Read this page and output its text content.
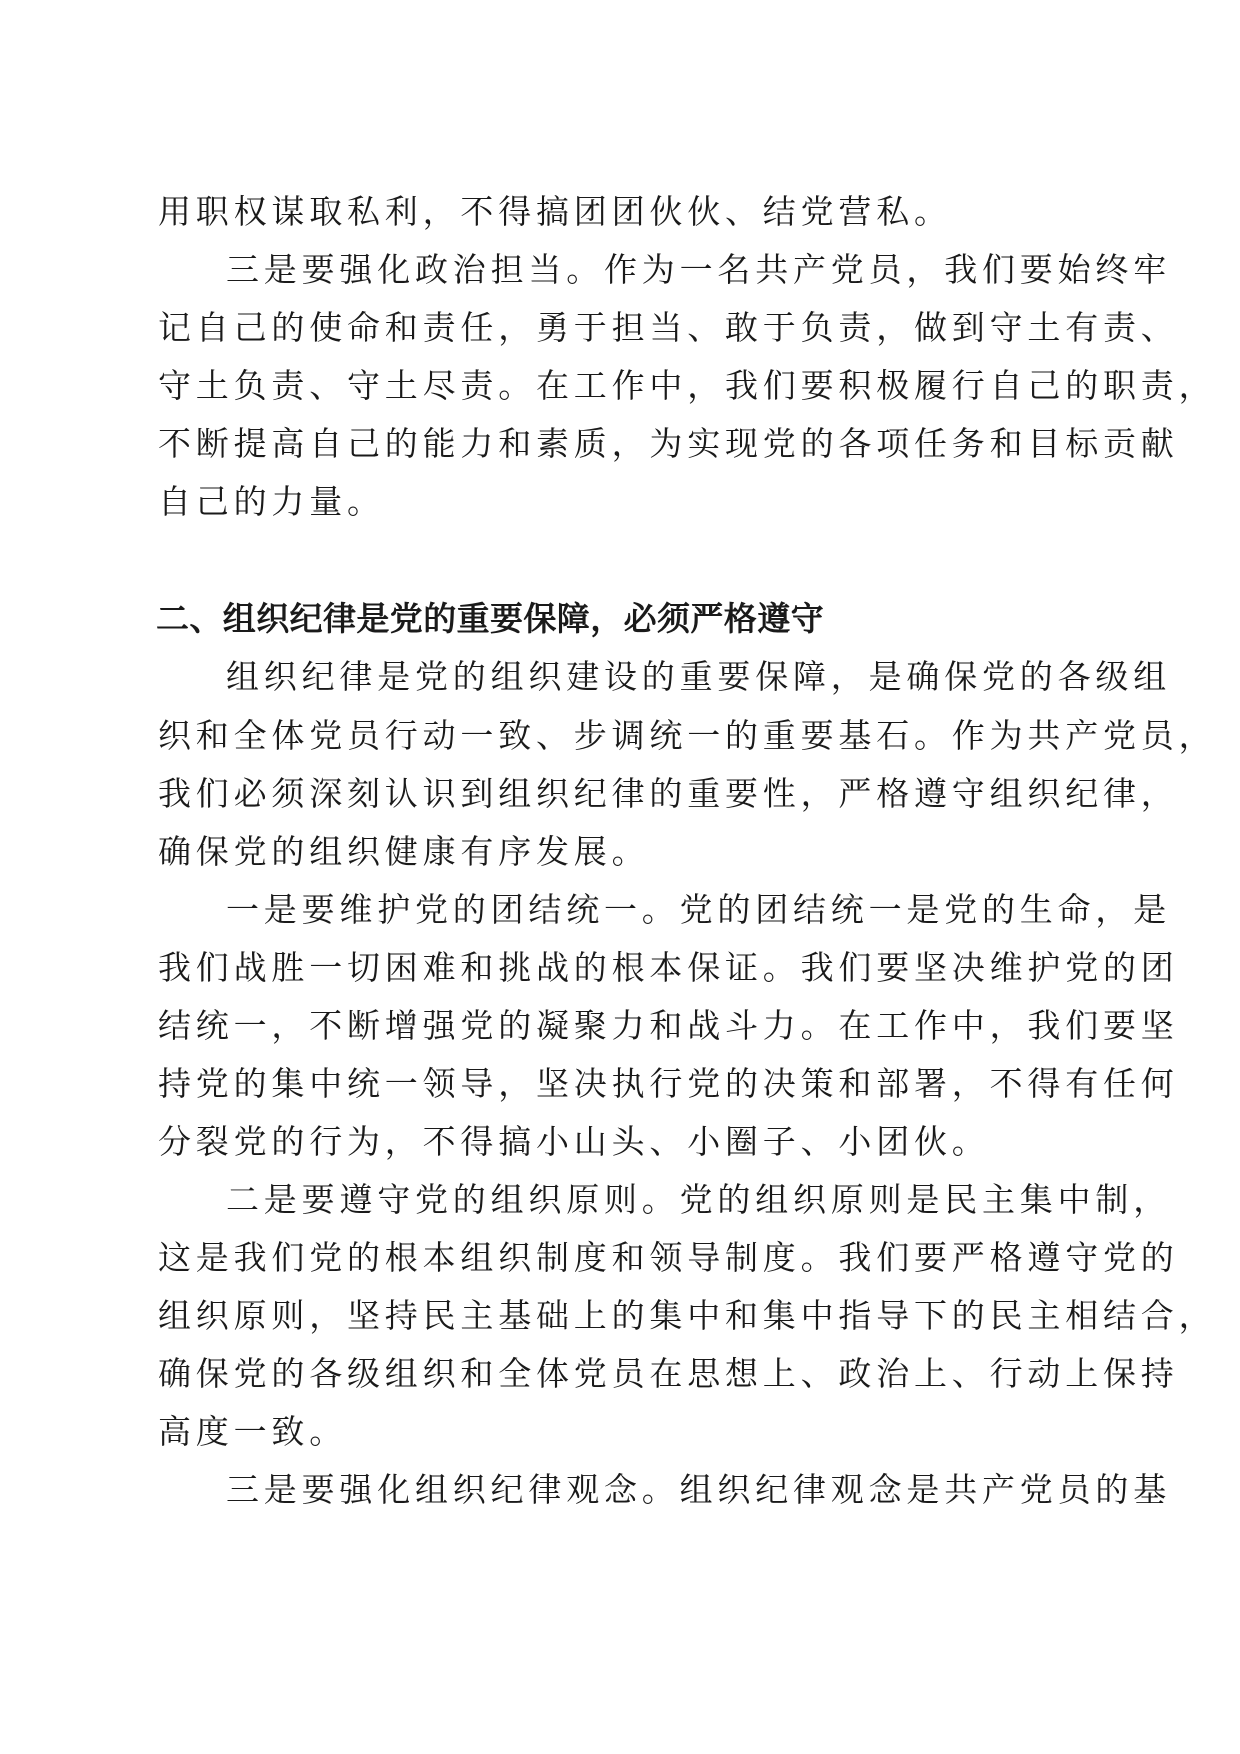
用职权谋取私利，不得搞团团伙伙、结党营私。
三是要强化政治担当。作为一名共产党员，我们要始终牢
记自己的使命和责任，勇于担当、敢于负责，做到守土有责、
守土负责、守土尽责。在工作中，我们要积极履行自己的职责，
不断提高自己的能力和素质，为实现党的各项任务和目标贡献
自己的力量。
二、组织纪律是党的重要保障，必须严格遵守
组织纪律是党的组织建设的重要保障，是确保党的各级组
织和全体党员行动一致、步调统一的重要基石。作为共产党员，
我们必须深刻认识到组织纪律的重要性，严格遵守组织纪律，
确保党的组织健康有序发展。
一是要维护党的团结统一。党的团结统一是党的生命，是
我们战胜一切困难和挑战的根本保证。我们要坚决维护党的团
结统一，不断增强党的凝聚力和战斗力。在工作中，我们要坚
持党的集中统一领导，坚决执行党的决策和部署，不得有任何
分裂党的行为，不得搞小山头、小圈子、小团伙。
二是要遵守党的组织原则。党的组织原则是民主集中制，
这是我们党的根本组织制度和领导制度。我们要严格遵守党的
组织原则，坚持民主基础上的集中和集中指导下的民主相结合，
确保党的各级组织和全体党员在思想上、政治上、行动上保持
高度一致。
三是要强化组织纪律观念。组织纪律观念是共产党员的基
